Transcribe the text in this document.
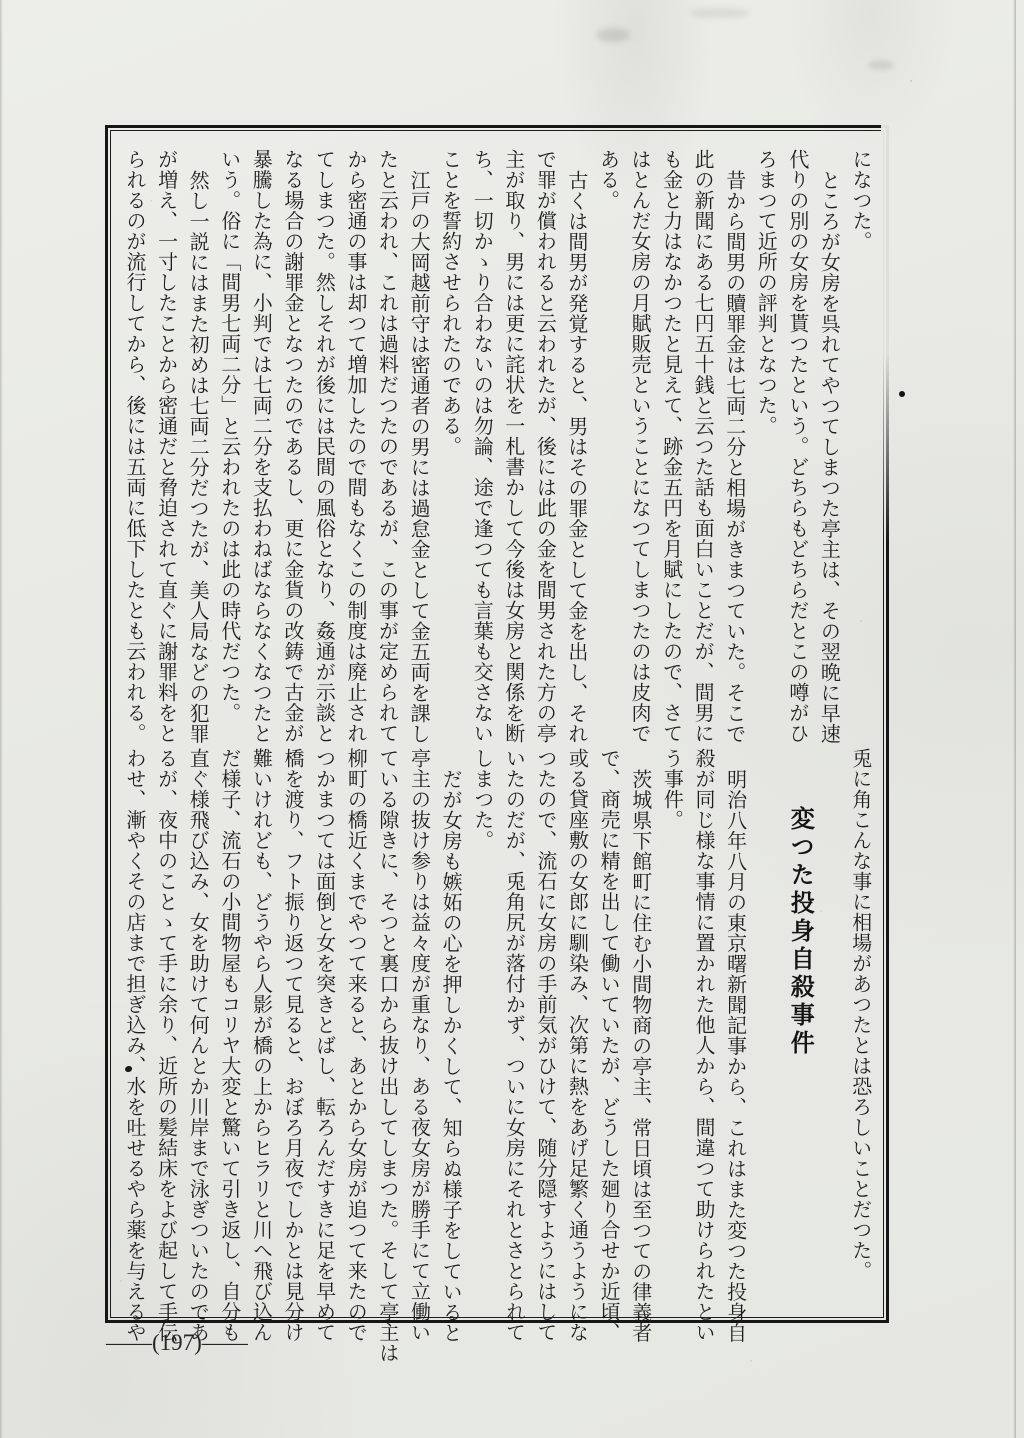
になつた。
ところが女房を呉れてやつてしまつた亭主は、その翌晩に早速
代りの別の女房を貰つたという。どちらもどちらだとこの噂がひ
ろまつて近所の評判となつた。
昔から間男の贖罪金は七両二分と相場がきまつていた。そこで
此の新聞にある七円五十銭と云つた話も面白いことだが、間男に
も金と力はなかつたと見えて、跡金五円を月賦にしたので、さて
はとんだ女房の月賦販売ということになつてしまつたのは皮肉で
ある。
古くは間男が発覚すると、男はその罪金として金を出し、それ
で罪が償われると云われたが、後には此の金を間男された方の亭
主が取り、男には更に詫状を一札書かして今後は女房と関係を断
ち、一切かゝり合わないのは勿論、途で逢つても言葉も交さない
ことを誓約させられたのである。
江戸の大岡越前守は密通者の男には過怠金として金五両を課し
たと云われ、これは過料だつたのであるが、この事が定められて
から密通の事は却つて増加したので間もなくこの制度は廃止され
てしまつた。然しそれが後には民間の風俗となり、姦通が示談と
なる場合の謝罪金となつたのであるし、更に金貨の改鋳で古金が
暴騰した為に、小判では七両二分を支払わねばならなくなつたと
いう。俗に「間男七両二分」と云われたのは此の時代だつた。
然し一説にはまた初めは七両二分だつたが、美人局などの犯罪
が増え、一寸したことから密通だと脅迫されて直ぐに謝罪料をと
られるのが流行してから、後には五両に低下したとも云われる。
兎に角こんな事に相場があつたとは恐ろしいことだつた。
変つた投身自殺事件
明治八年八月の東京曙新聞記事から、これはまた変つた投身自
殺が同じ様な事情に置かれた他人から、間違つて助けられたとい
う事件。
茨城県下館町に住む小間物商の亭主、常日頃は至つての律義者
で、商売に精を出して働いていたが、どうした廻り合せか近頃、
或る貸座敷の女郎に馴染み、次第に熱をあげ足繁く通うようにな
つたので、流石に女房の手前気がひけて、随分隠すようにはして
いたのだが、兎角尻が落付かず、ついに女房にそれとさとられて
しまつた。
だが女房も嫉妬の心を押しかくして、知らぬ様子をしていると
亭主の抜け参りは益々度が重なり、ある夜女房が勝手にて立働い
ている隙きに、そつと裏口から抜け出してしまつた。そして亭主は
柳町の橋近くまでやつて来ると、あとから女房が追つて来たので
つかまつては面倒と女を突きとばし、転ろんだすきに足を早めて
橋を渡り、フト振り返つて見ると、おぼろ月夜でしかとは見分け
難いけれども、どうやら人影が橋の上からヒラリと川へ飛び込ん
だ様子、流石の小間物屋もコリヤ大変と驚いて引き返し、自分も
直ぐ様飛び込み、女を助けて何んとか川岸まで泳ぎついたのであ
るが、夜中のことゝて手に余り、近所の髪結床をよび起して手伝
わせ、漸やくその店まで担ぎ込み、水を吐せるやら薬を与えるや
——(197)——
